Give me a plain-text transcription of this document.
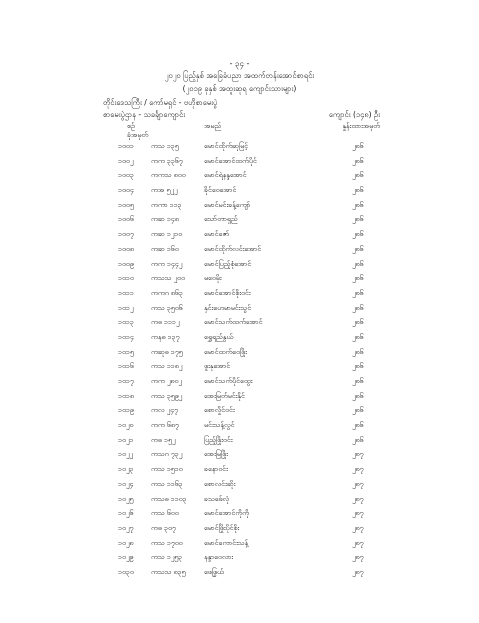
- ၃၄ -
၂၀၂၀ ပြည့်နှစ် အခြေခံပညာ အထက်တန်းအောင်စာရင်း
(၂၀၁၉ ခုနှစ် အထူးဆုရ ကျောင်းသားများ)
တိုင်းဒေသကြီး / ကော်မရှင် - ဗဟိုစာမေးပွဲ
စာမေးပွဲဌာန - သခင်္ချာကျောင်း	ကျောင်း (၁၄၈) ဦး
စဉ်
ခုံအမှတ်
အမည်	နှုန်းထားအမှတ်
၁၀၀၁ ကသ ၁၃၅	မောင်ထိုက်ဆုမြင့်	၂၈၆
၁၀၀၂	ကက ၃၃၆၇	မောင်အောင်ထက်ပိုင်	၂၈၆
၁၀၀၃ ကကသ ၈၀၀	မောင်ရဲနန္ဒအောင်	၂၈၆
၁၀၀၄ ကအ ၅၂၂	ခိုင်ဝေအောင်	၂၈၆
၁၀၀၅ ကကာ ၁၁၃	မောင်မင်းခန့်ကျော်	၂၈၆
၁၀၀၆ ကဆ ၁၄၈	သော်တာရှည်	၂၈၆
၁၀၀၇ ကဆ ၁၂၁၀	မောင်ဇော်	၂၈၆
၁၀၀၈ ကဆ ၁၆၀	မောင်ထိုက်လင်းအောင်	၂၈၆
၁၀၀၉ ကက ၁၄၄၂	မောင်ပြည့်စုံအောင်	၂၈၆
၁၀၁၀ ကသသ ၂၀၀	မဝေမိုး	၂၈၆
၁၀၁၁ ကကဂ ၈၆၃	မောင်အောင်စိုးဝင်း	၂၈၆
၁၀၁၂	ကသ ၃၅၀၆	နှင်းဟေမာမင်းသွင်	၂၈၆
၁၀၁၃ ကဓ ၁၁၁၂	မောင်သက်ထက်အောင်	၂၈၆
၁၀၁၄ ကနဓ ၁၃၇	ရွှေရည်နွယ်	၂၈၆
၁၀၁၅ ကဆုဓ ၁၇၅	မောင်ထက်ဝေဖြိုး	၂၈၆
၁၀၁၆ ကသ ၁၁၈၂	ဖူးနုအောင်	၂၈၆
၁၀၁၇ ကက ၂၈၀၂	မောင်သက်ပိုင်ထွေး	၂၈၆
၁၀၁၈ ကသ ၃၅၉၂	အေးမြတ်မင်းနိုင်	၂၈၆
၁၀၁၉ ကလ ၂၄၇	စောလှိုင်ဝင်း	၂၈၆
၁၀၂၀	ကက ၆၈၇	မင်းသန့်လွင်	၂၈၆
၁၀၂၁	ကဓ ၁၅၂	ပြည့်ဖြိုးဝင်း	၂၈၆
၁၀၂၂	ကသဂ ၇၃၂	အေးမြဖြိုး	၂၈၇
၁၀၂၃	ကသ ၁၅၁၀	ခနောဝင်း	၂၈၇
၁၀၂၄	ကသ ၁၁၆၃	စောလင်းဆိုး	၂၈၇
၁၀၂၅	ကသဓ ၁၁၀၃ ခသဖ်ေလုံ	၂၈၇
၁၀၂၆	ကသ ၆၀၀	မောင်အောင်ကိုကို	၂၈၇
၁၀၂၇	ကဓ ၃၀၇	မောင်ဖြိုးပိုင်စိုး	၂၈၇
၁၀၂၈	ကသ ၁၇၀၀	မောင်ကောင်းသန့်	၂၈၇
၁၀၂၉	ကသ ၁၂၅၃	နန္ဒာဝေလား	၂၈၇
၁၀၃၀ ကသသ ၈၃၅	ဖေဖြွယ်	၂၈၇
